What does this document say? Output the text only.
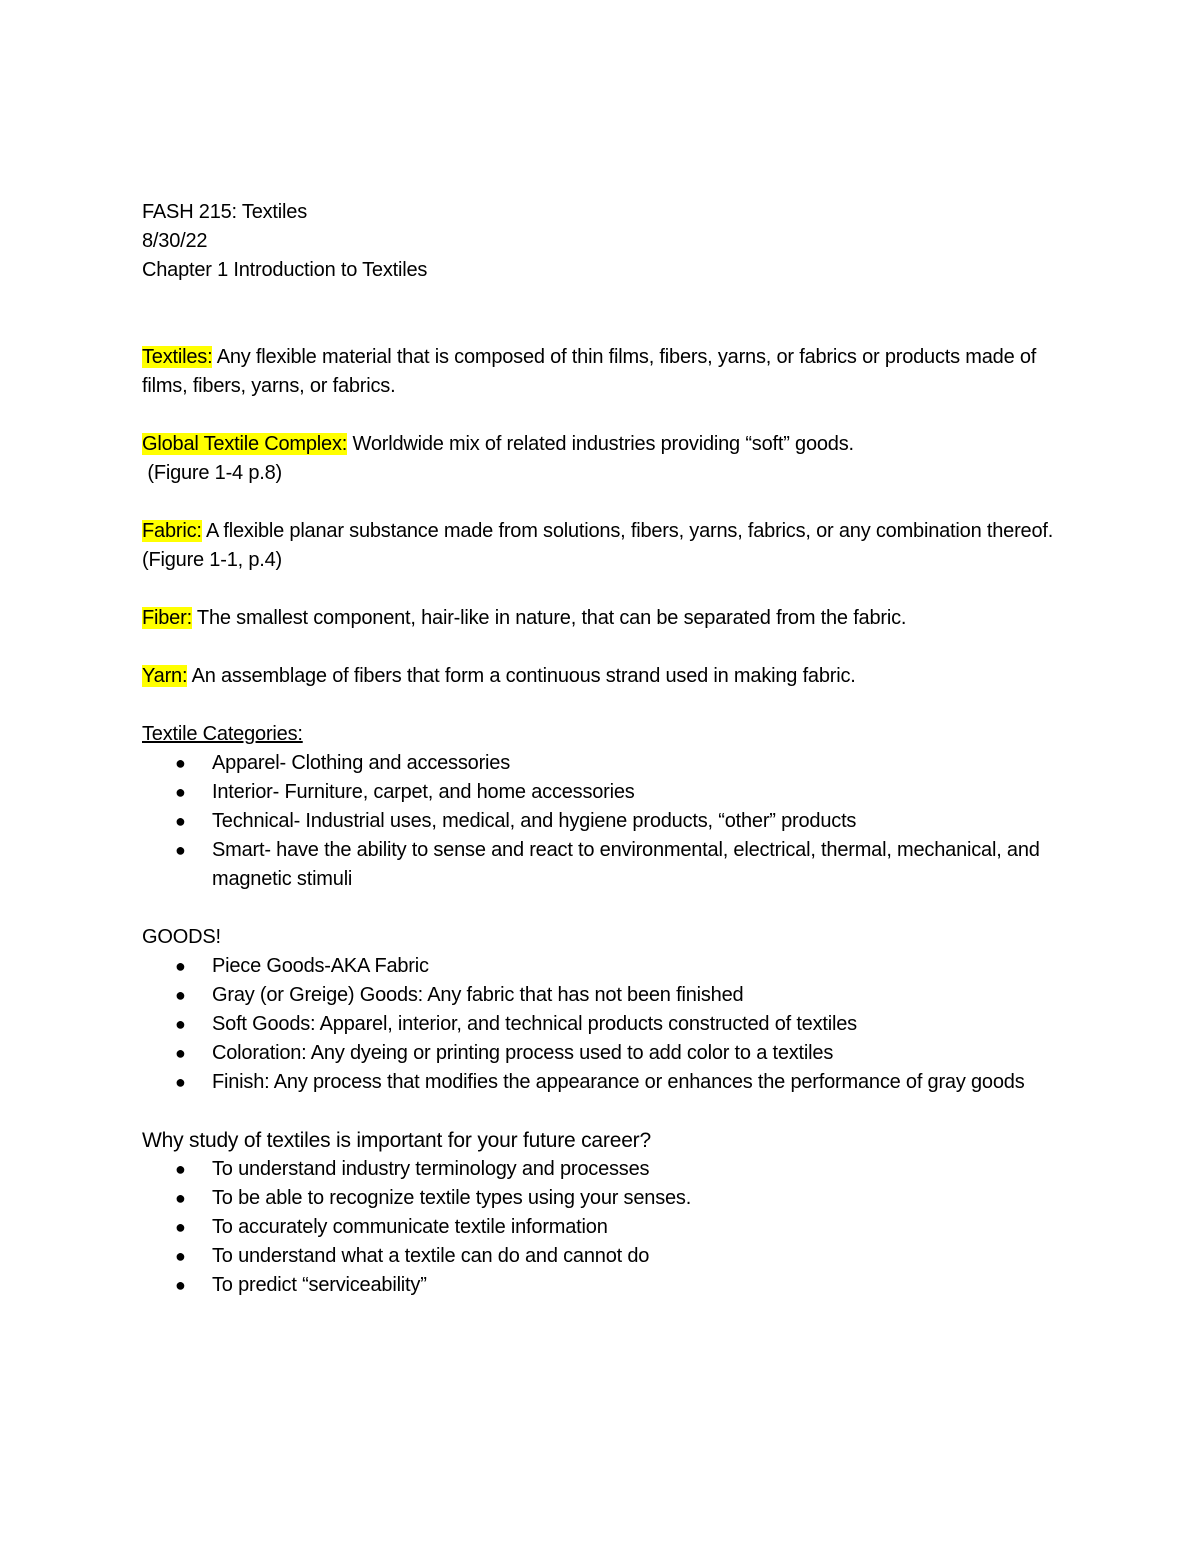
FASH 215: Textiles

8/30/22

Chapter 1 Introduction to Textiles

Textiles: Any flexible material that is composed of thin films, fibers, yarns, or fabrics or products made of films, fibers, yarns, or fabrics.

Global Textile Complex: Worldwide mix of related industries providing “soft” goods.

(Figure 1-4 p.8)

Fabric: A flexible planar substance made from solutions, fibers, yarns, fabrics, or any combination thereof. (Figure 1-1, p.4)

Fiber: The smallest component, hair-like in nature, that can be separated from the fabric.

Yarn: An assemblage of fibers that form a continuous strand used in making fabric.

Textile Categories:

● Apparel- Clothing and accessories
● Interior- Furniture, carpet, and home accessories
● Technical- Industrial uses, medical, and hygiene products, “other” products
● Smart- have the ability to sense and react to environmental, electrical, thermal, mechanical, and magnetic stimuli

GOODS!

● Piece Goods-AKA Fabric
● Gray (or Greige) Goods: Any fabric that has not been finished
● Soft Goods: Apparel, interior, and technical products constructed of textiles
● Coloration: Any dyeing or printing process used to add color to a textiles
● Finish: Any process that modifies the appearance or enhances the performance of gray goods

Why study of textiles is important for your future career?

● To understand industry terminology and processes
● To be able to recognize textile types using your senses.
● To accurately communicate textile information
● To understand what a textile can do and cannot do
● To predict “serviceability”
